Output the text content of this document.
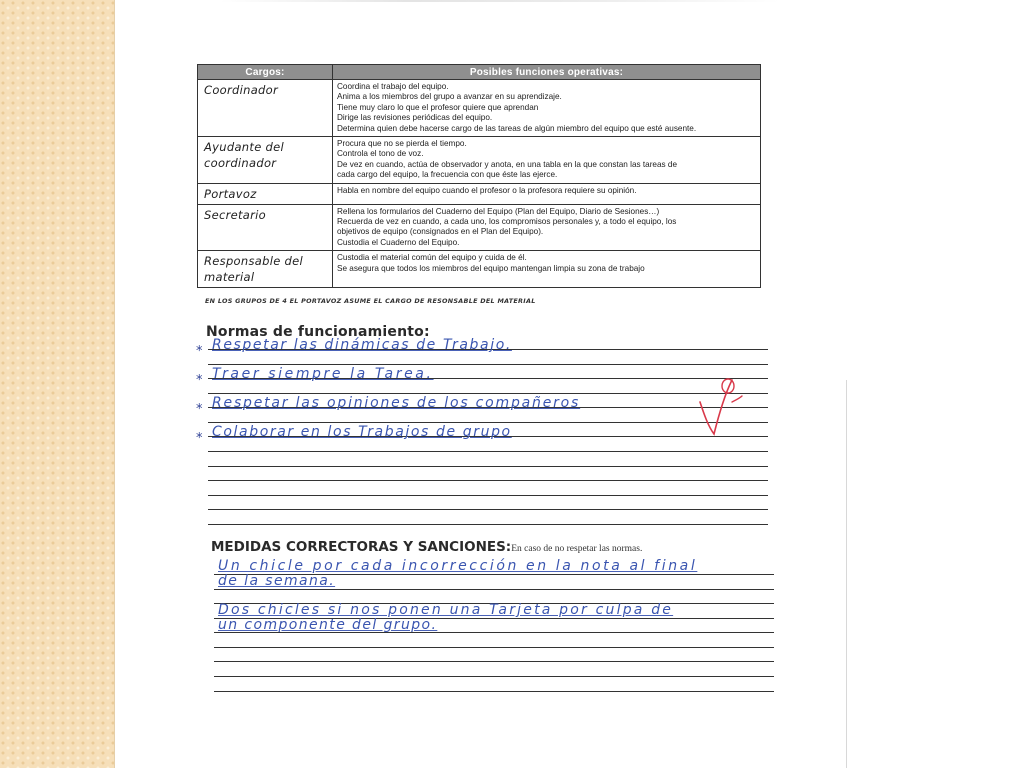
Cargos:	Posibles funciones operativas:
Coordinador	Coordina el trabajo del equipo.
Anima a los miembros del grupo a avanzar en su aprendizaje.
Tiene muy claro lo que el profesor quiere que aprendan
Dirige las revisiones periódicas del equipo.
Determina quien debe hacerse cargo de las tareas de algún miembro del equipo que esté ausente.

Ayudante del coordinador	Procura que no se pierda el tiempo.
Controla el tono de voz.
De vez en cuando, actúa de observador y anota, en una tabla en la que constan las tareas de
cada cargo del equipo, la frecuencia con que éste las ejerce.

Portavoz	Habla en nombre del equipo cuando el profesor o la profesora requiere su opinión.

Secretario	Rellena los formularios del Cuaderno del Equipo (Plan del Equipo, Diario de Sesiones…)
Recuerda de vez en cuando, a cada uno, los compromisos personales y, a todo el equipo, los
objetivos de equipo (consignados en el Plan del Equipo).
Custodia el Cuaderno del Equipo.

Responsable del material	Custodia el material común del equipo y cuida de él.
Se asegura que todos los miembros del equipo mantengan limpia su zona de trabajo
EN LOS GRUPOS DE 4 EL PORTAVOZ ASUME EL CARGO DE RESONSABLE DEL MATERIAL
Normas de funcionamiento:
*
*
*
*
Respetar las dinámicas de Trabajo.
Traer siempre la Tarea.
Respetar las opiniones de los compañeros
Colaborar en los Trabajos de grupo
MEDIDAS CORRECTORAS Y SANCIONES:En caso de no respetar las normas.
Un chicle por cada incorrección en la nota al final
de la semana.
Dos chicles si nos ponen una Tarjeta por culpa de
un componente del grupo.
